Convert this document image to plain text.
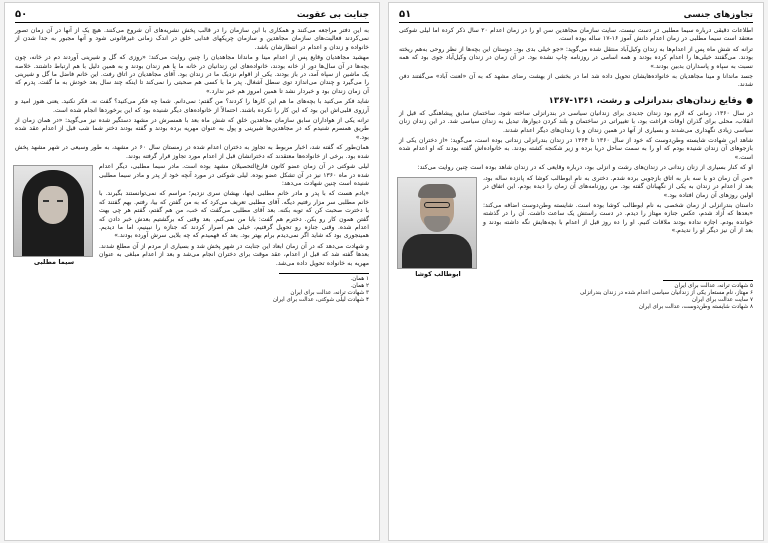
جنایت بی عقوبت
۵۰

به این دفتر مراجعه می‌کنند و همکاری با این سازمان را در قالب پخش نشریه‌های آن شروع می‌کنند. هیچ یک از آنها در آن زمان تصور نمی‌کردند فعالیت‌های سازمان مجاهدین و سازمان چریکهای فدایی خلق در اندک زمانی غیرقانونی شود و آنها مجبور به جدا شدن از خانواده و زندان و اعدام در انتظارشان باشد.

مهشید مجاهدیان وقایع پس از اعدام مینا و ماندانا مجاهدیان را چنین روایت می‌کند: «روزی که گل و شیرینی آوردند دم در خانه، چون بچه‌ها در آن سال‌ها دور از خانه بودند، خانواده‌های این زندانیان در خانه ما یا هم زندان بودند و به همین دلیل با هم ارتباط داشتند. خلاصه یک ماشین از سپاه آمد، در باز بودند. یکی از اقوام نزدیک ما در زندان بود. آقای مجاهدیان در اتاق رفت. این خانم فاضل ما گل و شیرینی را می‌گیرد و چندان می‌اندازد توی سطل آشغال. پدر ما با کسی هم صحبتی را نمی‌کند تا اینکه چند سال بعد خودش به ما گفت. پدرم که آن زمان زندان بود و خبردار نشد تا همین امروز هم خبر ندارد.»

شاید فکر می‌کنید با بچه‌های ما هم این کارها را کردند؟ من گفتم: نمی‌دانم. شما چه فکر می‌کنید؟ گفت نه. فکر نکنید. یعنی هنوز امید و آرزوی قلبی‌اش این بود که این کار را نکرده باشند. احتمالاً از خانواده‌های دیگر شنیده بود که این برخوردها انجام شده است.

ترانه یکی از هواداران سابق سازمان مجاهدین خلق که شش ماه بعد با همسرش در مشهد دستگیر شده نیز می‌گوید: «در همان زمان از طریق همسرم شنیدم که در مجاهدین‌ها شیرینی و پول به عنوان مهریه برده بودند و گفته بودند دختر شما شب قبل از اعدام عقد شده بود.»

همان‌طور که گفته شد، اخبار مربوط به تجاوز به دختران اعدام شده در زمستان سال ۶۰ در مشهد، به طور وسیعی در شهر مشهد پخش شده بود. برخی از خانواده‌ها معتقدند که دخترانشان قبل از اعدام مورد تجاوز قرار گرفته بودند.

سیما مطلبی

لیلی شوکتی در آن زمان عضو کانون فارغ‌التحصیلان مشهد بوده است. مادر سیما مطلبی، دیگر اعدام شده در ماه ۱۳۶۰ نیز در آن تشکل عضو بوده. لیلی شوکتی در مورد آنچه خود از پدر و مادر سیما مطلبی شنیده است چنین شهادت می‌دهد:

«یادم هست که با پدر و مادر خانم مطلبی اینها، بهشان سری نزدیم؛ مراسم که نمی‌توانستند بگیرند. با خانم مطلبی سر مزار رفتیم دیگه. آقای مطلبی تعریف می‌کرد که به من گفتن که بیا، رفتم. بهم گفتند که با دخترت صحبت کن که توبه بکنه. بعد آقای مطلبی می‌گفت که خب، من هم گفتم، گفتم هر چی بهت گفتن همون کار رو بکن. دخترم هم گفت: بابا من نمی‌کنم. بعد وقتی که برگشتیم بعدش خبر دادن که اعدام شده. وقتی جنازه رو تحویل گرفتیم، خیلی هم اصرار کردند که جنازه را نبینیم، اما ما دیدیم. همینجوری بود که شاید اگر نمی‌دیدم برام بهتر بود. بعد که فهمیدم که چه بلایی سرش آورده بودند.»

و شهادت می‌دهد که در آن زمان ابعاد این جنایت در شهر پخش شد و بسیاری از مردم از آن مطلع شدند. بعدها گفته شد که قبل از اعدام، عقد موقت برای دختران انجام می‌شد و بعد از اعدام مبلغی به عنوان مهریه به خانواده تحویل داده می‌شد.

۱ همان.
۲ همان.
۳ شهادت ترانه، عدالت برای ایران
۴ شهادت لیلی شوکتی، عدالت برای ایران
تجاوزهای جنسی
۵۱

اطلاعات دقیقی درباره سیما مطلبی در دست نیست. سایت سازمان مجاهدین سن او را در زمان اعدام ۲۰ سال ذکر کرده اما لیلی شوکتی معتقد است سیما مطلبی در زمان اعدام دانش آموز ۱۶-۱۷ ساله بوده است.

ترانه که شش ماه پس از اعدام‌ها به زندان وکیل‌آباد منتقل شده می‌گوید: «جو خیلی بدی بود. دوستان این بچه‌ها از نظر روحی به‌هم ریخته بودند. می‌گفتند خیلی‌ها را اعدام کرده بودند و همه اسامی در روزنامه چاپ نشده بود. در آن زمان در زندان وکیل‌آباد جوی بود که همه نسبت به سپاه و پاسداران بدبین بودند.»

جسد ماندانا و مینا مجاهدیان به خانواده‌هایشان تحویل داده شد اما در بخشی از بهشت رضای مشهد که به آن «لعنت آباد» می‌گفتند دفن شدند.

●وقایع زندان‌های بندرانزلی و رشت، ۱۳۶۱-۱۳۶۷

در سال ۱۳۶۰، زمانی که لازم بود زندان جدیدی برای زندانیان سیاسی در بندرانزلی ساخته شود، ساختمان سابق پیشاهنگی که قبل از انقلاب، محلی برای گذران اوقات فراغت بود، با تغییراتی در ساختمان و بلند کردن دیوارها، تبدیل به زندان سیاسی شد. در این زندان زنان سیاسی زیادی نگهداری می‌شدند و بسیاری از آنها در همین زندان و یا زندان‌های دیگر اعدام شدند.

شاهد این شهادت شایسته وطن‌دوست که خود از سال ۱۳۶۰ تا ۱۳۶۴ در زندان بندرانزلی زندانی بوده است، می‌گوید: «از دختران یکی از بازجوهای آن زندان شنیده بودم که او را به سمت ساحل دریا برده و زیر شکنجه کشته بودند. به خانواده‌اش گفته بودند که او اعدام شده است.»

او که کنار بسیاری از زنان زندانی در زندان‌های رشت و انزلی بود، درباره وقایعی که در زندان شاهد بوده است چنین روایت می‌کند:

ابوطالب کوشا

«من آن زمان دو یا سه بار به اتاق بازجویی برده شدم. دختری به نام ابوطالب کوشا که پانزده ساله بود، بعد از اعدام در زندان به یکی از نگهبانان گفته بود. من روزنامه‌های آن زمان را دیده بودم. این اتفاق در اولین روزهای آن زمان افتاده بود.»

داستان بندرانزلی از زمان شخصی به نام ابوطالب کوشا بوده است. شایسته وطن‌دوست اضافه می‌کند: «بعدها که آزاد شدم، عکس جنازه مهتاز را دیدم. در دست راستش یک ساعت داشت. آن را در گذشته خوانده بودم. اجازه نداده بودند ملاقات کنیم. او را ده روز قبل از اعدام با بچه‌هایش نگه داشته بودند و بعد از آن نیز دیگر او را ندیدم.»

۵ شهادت ترانه، عدالت برای ایران
۶ مهتاز، نام مستعار یکی از زندانیان سیاسی اعدام شده در زندان بندرانزلی
۷ سایت عدالت برای ایران
۸ شهادت شایسته وطن‌دوست، عدالت برای ایران
